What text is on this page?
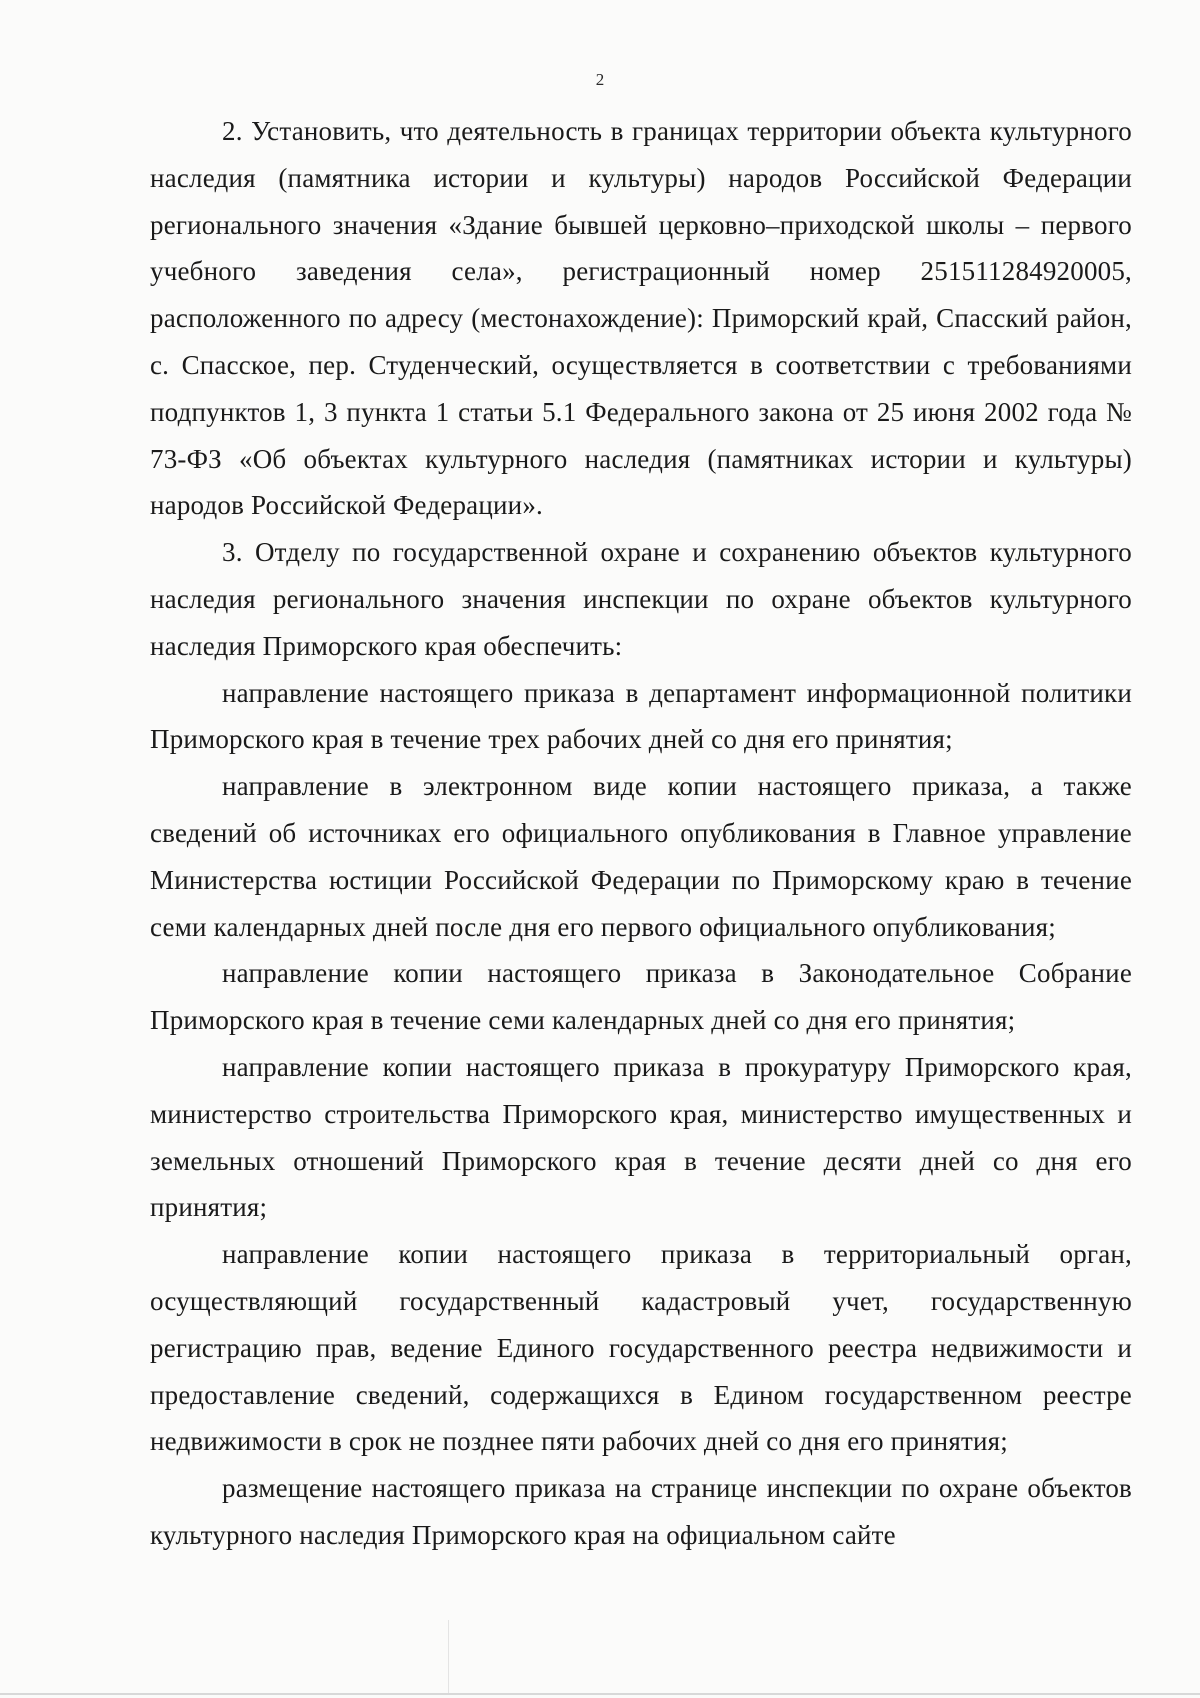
2

2. Установить, что деятельность в границах территории объекта культурного наследия (памятника истории и культуры) народов Российской Федерации регионального значения «Здание бывшей церковно–приходской школы – первого учебного заведения села», регистрационный номер 251511284920005, расположенного по адресу (местонахождение): Приморский край, Спасский район, с. Спасское, пер. Студенческий, осуществляется в соответствии с требованиями подпунктов 1, 3 пункта 1 статьи 5.1 Федерального закона от 25 июня 2002 года № 73-ФЗ «Об объектах культурного наследия (памятниках истории и культуры) народов Российской Федерации».

3. Отделу по государственной охране и сохранению объектов культурного наследия регионального значения инспекции по охране объектов культурного наследия Приморского края обеспечить:

направление настоящего приказа в департамент информационной политики Приморского края в течение трех рабочих дней со дня его принятия;

направление в электронном виде копии настоящего приказа, а также сведений об источниках его официального опубликования в Главное управление Министерства юстиции Российской Федерации по Приморскому краю в течение семи календарных дней после дня его первого официального опубликования;

направление копии настоящего приказа в Законодательное Собрание Приморского края в течение семи календарных дней со дня его принятия;

направление копии настоящего приказа в прокуратуру Приморского края, министерство строительства Приморского края, министерство имущественных и земельных отношений Приморского края в течение десяти дней со дня его принятия;

направление копии настоящего приказа в территориальный орган, осуществляющий государственный кадастровый учет, государственную регистрацию прав, ведение Единого государственного реестра недвижимости и предоставление сведений, содержащихся в Едином государственном реестре недвижимости в срок не позднее пяти рабочих дней со дня его принятия;

размещение настоящего приказа на странице инспекции по охране объектов культурного наследия Приморского края на официальном сайте
